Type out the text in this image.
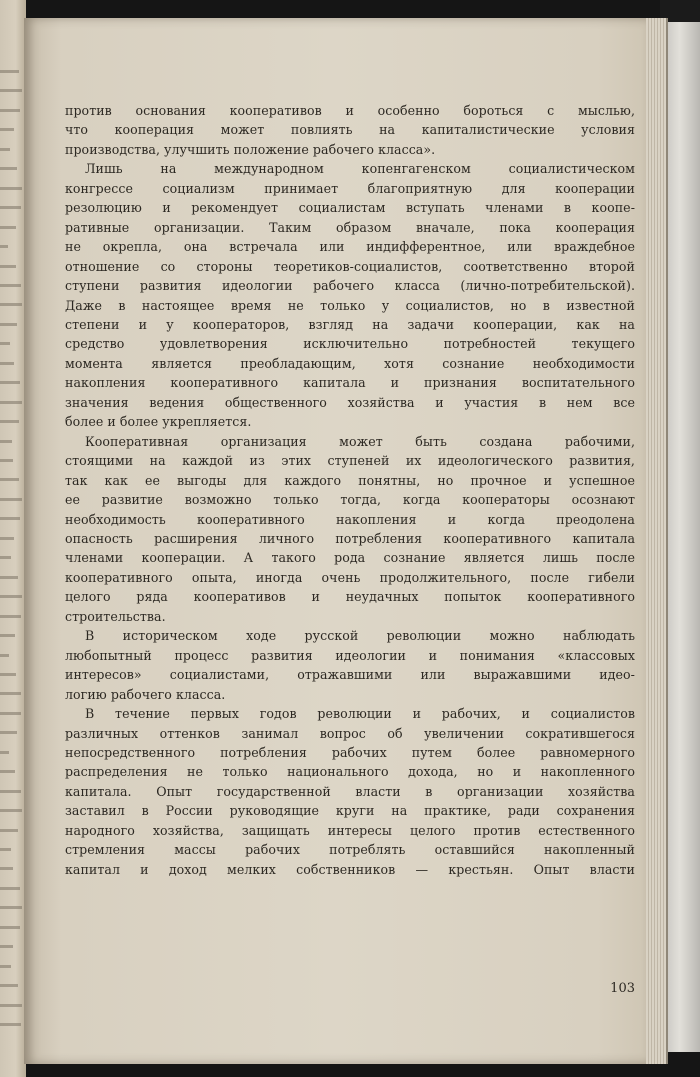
против основания кооперативов и особенно бороться с мыслью,
что кооперация может повлиять на капиталистические условия
производства, улучшить положение рабочего класса».
Лишь на международном копенгагенском социалистическом
конгрессе социализм принимает благоприятную для кооперации
резолюцию и рекомендует социалистам вступать членами в коопе-
ративные организации. Таким образом вначале, пока кооперация
не окрепла, она встречала или индифферентное, или враждебное
отношение со стороны теоретиков-социалистов, соответственно второй
ступени развития идеологии рабочего класса (лично-потребительской).
Даже в настоящее время не только у социалистов, но в известной
степени и у кооператоров, взгляд на задачи кооперации, как на
средство удовлетворения исключительно потребностей текущего
момента является преобладающим, хотя сознание необходимости
накопления кооперативного капитала и признания воспитательного
значения ведения общественного хозяйства и участия в нем все
более и более укрепляется.
Кооперативная организация может быть создана рабочими,
стоящими на каждой из этих ступеней их идеологического развития,
так как ее выгоды для каждого понятны, но прочное и успешное
ее развитие возможно только тогда, когда кооператоры осознают
необходимость кооперативного накопления и когда преодолена
опасность расширения личного потребления кооперативного капитала
членами кооперации. А такого рода сознание является лишь после
кооперативного опыта, иногда очень продолжительного, после гибели
целого ряда кооперативов и неудачных попыток кооперативного
строительства.
В историческом ходе русской революции можно наблюдать
любопытный процесс развития идеологии и понимания «классовых
интересов» социалистами, отражавшими или выражавшими идео-
логию рабочего класса.
В течение первых годов революции и рабочих, и социалистов
различных оттенков занимал вопрос об увеличении сократившегося
непосредственного потребления рабочих путем более равномерного
распределения не только национального дохода, но и накопленного
капитала. Опыт государственной власти в организации хозяйства
заставил в России руководящие круги на практике, ради сохранения
народного хозяйства, защищать интересы целого против естественного
стремления массы рабочих потреблять оставшийся накопленный
капитал и доход мелких собственников — крестьян. Опыт власти
103
